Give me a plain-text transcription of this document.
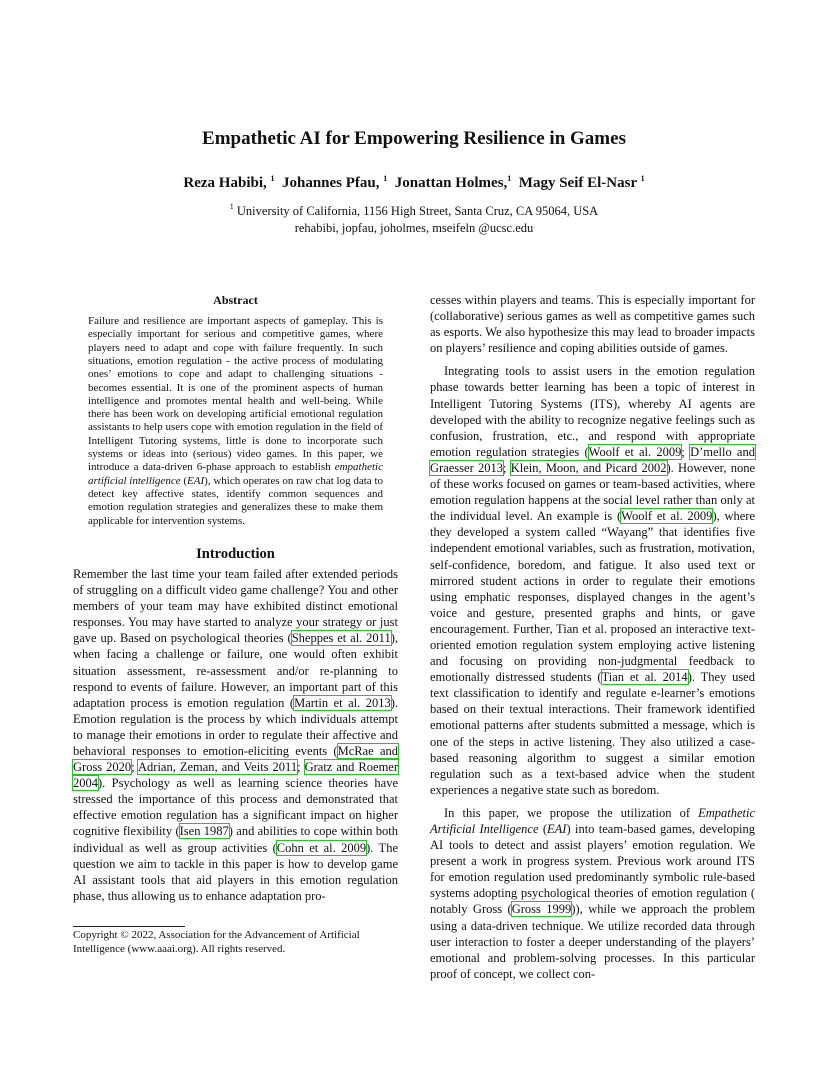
Empathetic AI for Empowering Resilience in Games
Reza Habibi, $^1$ Johannes Pfau, $^1$ Jonattan Holmes,$^1$ Magy Seif El-Nasr $^1$
$^1$ University of California, 1156 High Street, Santa Cruz, CA 95064, USA
rehabibi, jopfau, joholmes, mseifeln @ucsc.edu
Abstract
Failure and resilience are important aspects of gameplay. This is especially important for serious and competitive games, where players need to adapt and cope with failure frequently. In such situations, emotion regulation - the active process of modulating ones’ emotions to cope and adapt to challenging situations - becomes essential. It is one of the prominent aspects of human intelligence and promotes mental health and well-being. While there has been work on developing artificial emotional regulation assistants to help users cope with emotion regulation in the field of Intelligent Tutoring systems, little is done to incorporate such systems or ideas into (serious) video games. In this paper, we introduce a data-driven 6-phase approach to establish empathetic artificial intelligence (EAI), which operates on raw chat log data to detect key affective states, identify common sequences and emotion regulation strategies and generalizes these to make them applicable for intervention systems.
Introduction

Remember the last time your team failed after extended periods of struggling on a difficult video game challenge? You and other members of your team may have exhibited distinct emotional responses. You may have started to analyze your strategy or just gave up. Based on psychological theories (Sheppes et al. 2011), when facing a challenge or failure, one would often exhibit situation assessment, re-assessment and/or re-planning to respond to events of failure. However, an important part of this adaptation process is emotion regulation (Martin et al. 2013). Emotion regulation is the process by which individuals attempt to manage their emotions in order to regulate their affective and behavioral responses to emotion-eliciting events (McRae and Gross 2020; Adrian, Zeman, and Veits 2011; Gratz and Roemer 2004). Psychology as well as learning science theories have stressed the importance of this process and demonstrated that effective emotion regulation has a significant impact on higher cognitive flexibility (Isen 1987) and abilities to cope within both individual as well as group activities (Cohn et al. 2009). The question we aim to tackle in this paper is how to develop game AI assistant tools that aid players in this emotion regulation phase, thus allowing us to enhance adaptation pro-

cesses within players and teams. This is especially important for (collaborative) serious games as well as competitive games such as esports. We also hypothesize this may lead to broader impacts on players’ resilience and coping abilities outside of games.

Integrating tools to assist users in the emotion regulation phase towards better learning has been a topic of interest in Intelligent Tutoring Systems (ITS), whereby AI agents are developed with the ability to recognize negative feelings such as confusion, frustration, etc., and respond with appropriate emotion regulation strategies (Woolf et al. 2009; D’mello and Graesser 2013; Klein, Moon, and Picard 2002). However, none of these works focused on games or team-based activities, where emotion regulation happens at the social level rather than only at the individual level. An example is (Woolf et al. 2009), where they developed a system called “Wayang” that identifies five independent emotional variables, such as frustration, motivation, self-confidence, boredom, and fatigue. It also used text or mirrored student actions in order to regulate their emotions using emphatic responses, displayed changes in the agent’s voice and gesture, presented graphs and hints, or gave encouragement. Further, Tian et al. proposed an interactive text-oriented emotion regulation system employing active listening and focusing on providing non-judgmental feedback to emotionally distressed students (Tian et al. 2014). They used text classification to identify and regulate e-learner’s emotions based on their textual interactions. Their framework identified emotional patterns after students submitted a message, which is one of the steps in active listening. They also utilized a case-based reasoning algorithm to suggest a similar emotion regulation such as a text-based advice when the student experiences a negative state such as boredom.

In this paper, we propose the utilization of Empathetic Artificial Intelligence (EAI) into team-based games, developing AI tools to detect and assist players’ emotion regulation. We present a work in progress system. Previous work around ITS for emotion regulation used predominantly symbolic rule-based systems adopting psychological theories of emotion regulation ( notably Gross (Gross 1999)), while we approach the problem using a data-driven technique. We utilize recorded data through user interaction to foster a deeper understanding of the players’ emotional and problem-solving processes. In this particular proof of concept, we collect con-

Copyright © 2022, Association for the Advancement of Artificial Intelligence (www.aaai.org). All rights reserved.
